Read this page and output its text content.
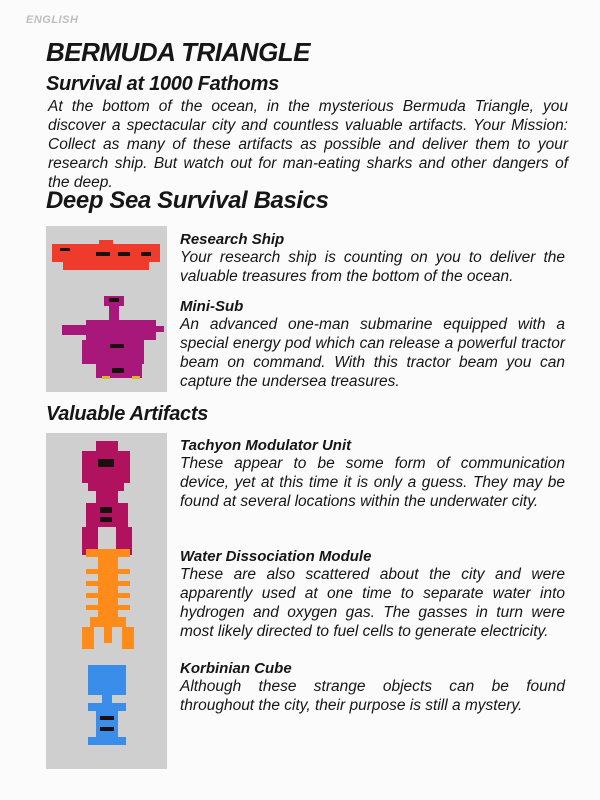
ENGLISH
BERMUDA TRIANGLE
Survival at 1000 Fathoms
At the bottom of the ocean, in the mysterious Bermuda Triangle, you discover a spectacular city and countless valuable artifacts. Your Mission: Collect as many of these artifacts as possible and deliver them to your research ship. But watch out for man-eating sharks and other dangers of the deep.
Deep Sea Survival Basics
Research Ship
Your research ship is counting on you to deliver the valuable treasures from the bottom of the ocean.
Mini-Sub
An advanced one-man submarine equipped with a special energy pod which can release a powerful tractor beam on command. With this tractor beam you can capture the undersea treasures.
Valuable Artifacts
Tachyon Modulator Unit
These appear to be some form of communication device, yet at this time it is only a guess. They may be found at several locations within the underwater city.
Water Dissociation Module
These are also scattered about the city and were apparently used at one time to separate water into hydrogen and oxygen gas. The gasses in turn were most likely directed to fuel cells to generate electricity.
Korbinian Cube
Although these strange objects can be found throughout the city, their purpose is still a mystery.
